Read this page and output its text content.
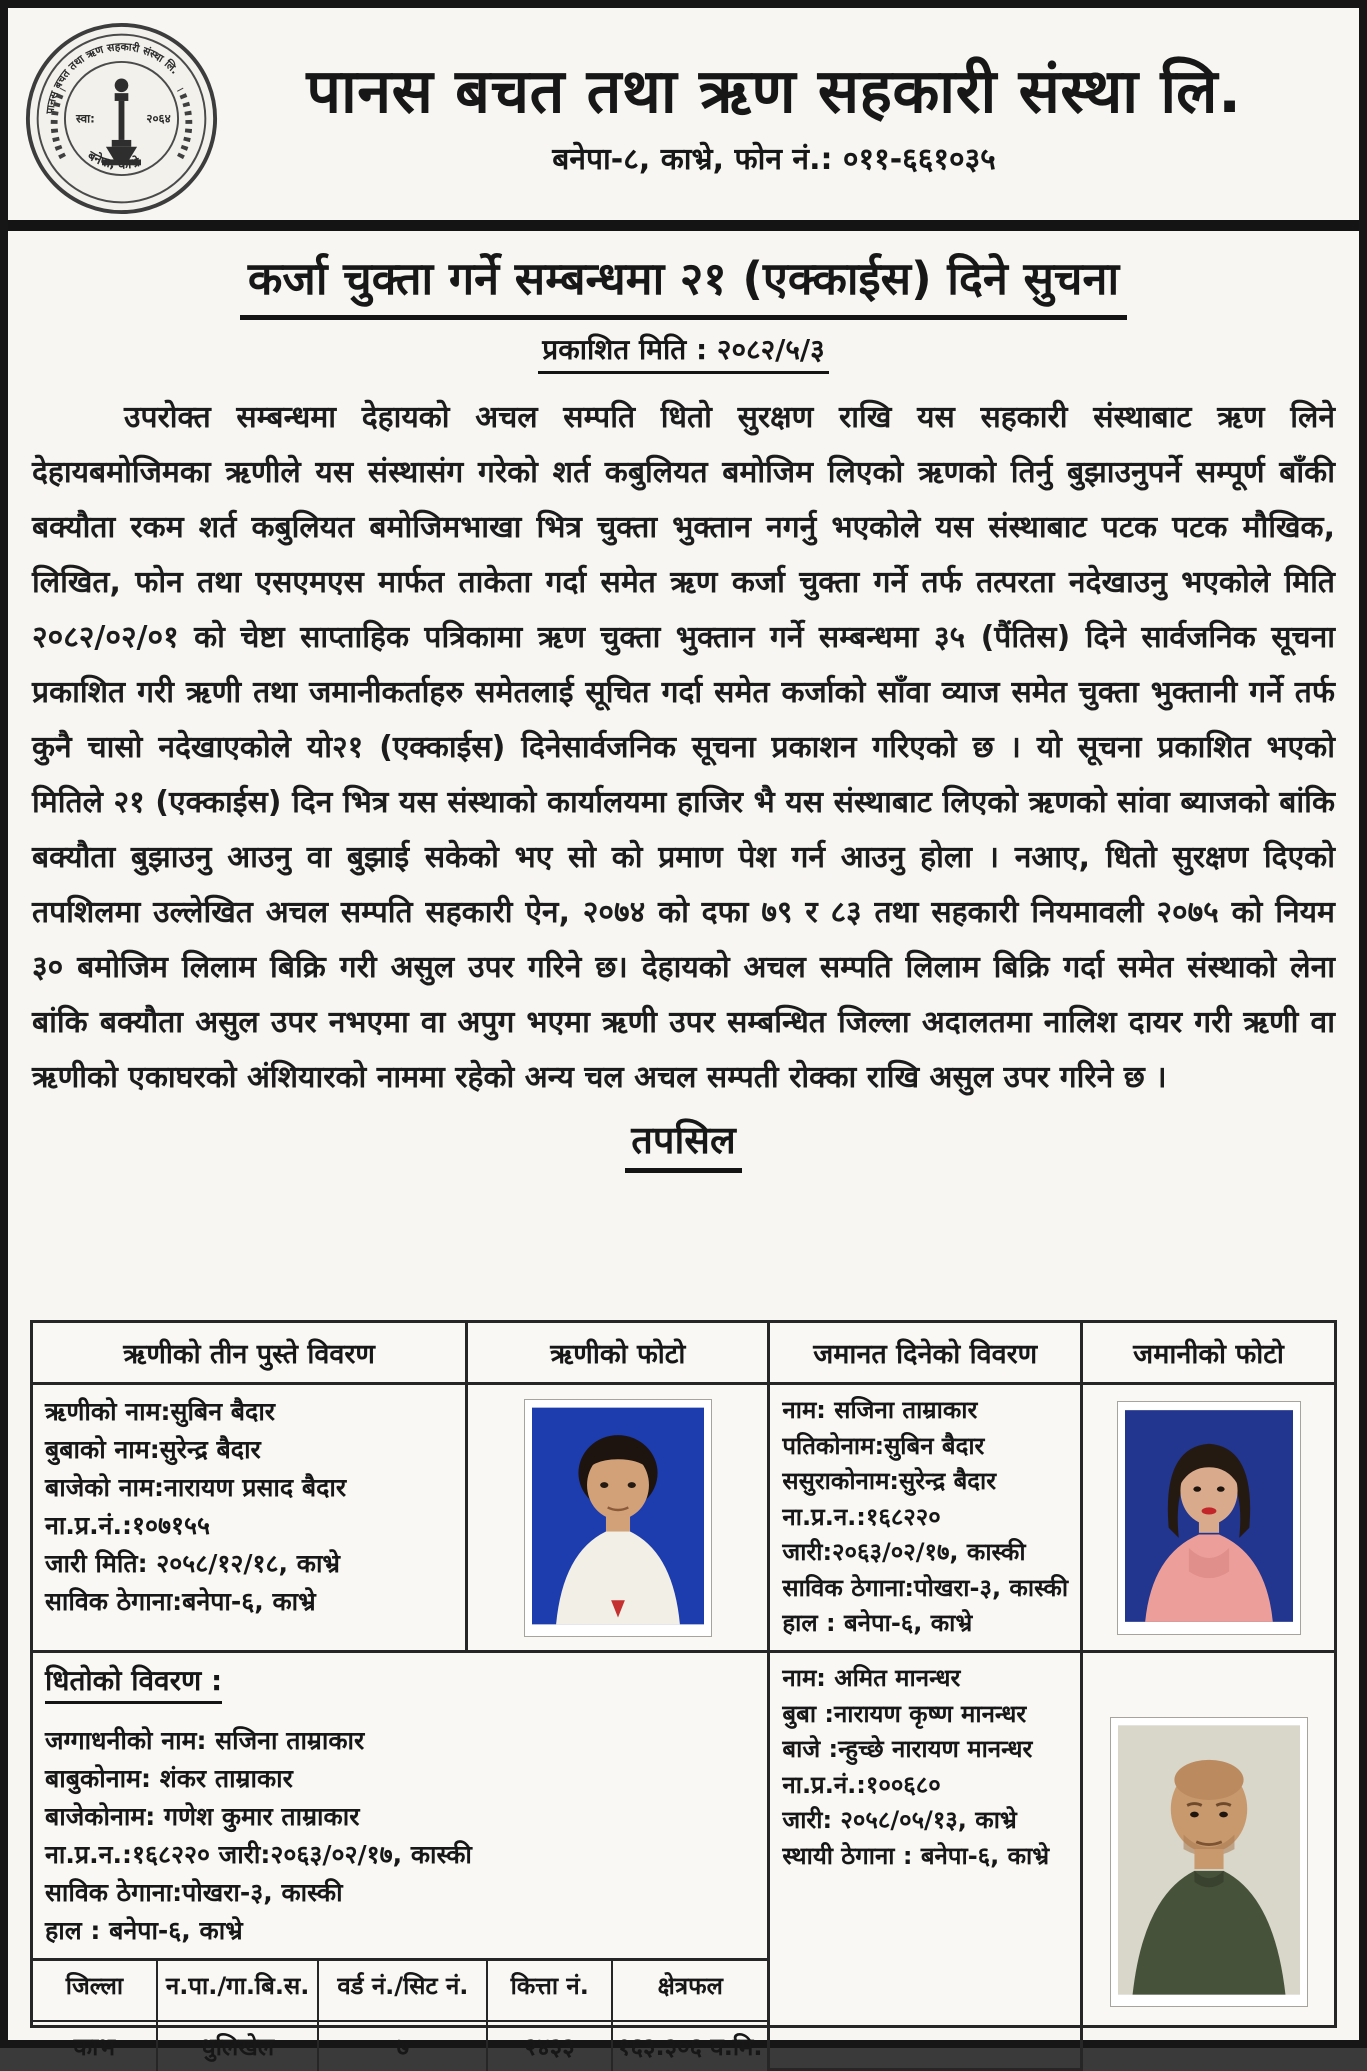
पानस बचत तथा ऋण सहकारी संस्था लि.
स्वा:	२०६४
बनेपा, काभ्रे
पानस बचत तथा ऋण सहकारी संस्था लि.
बनेपा-८, काभ्रे, फोन नं.: ०११-६६१०३५
कर्जा चुक्ता गर्ने सम्बन्धमा २१ (एक्काईस) दिने सुचना
प्रकाशित मिति : २०८२/५/३

उपरोक्त सम्बन्धमा देहायको अचल सम्पति धितो सुरक्षण राखि यस सहकारी संस्थाबाट ऋण लिने देहायबमोजिमका ऋणीले यस संस्थासंग गरेको शर्त कबुलियत बमोजिम लिएको ऋणको तिर्नु बुझाउनुपर्ने सम्पूर्ण बाँकी बक्यौता रकम शर्त कबुलियत बमोजिमभाखा भित्र चुक्ता भुक्तान नगर्नु भएकोले यस संस्थाबाट पटक पटक मौखिक, लिखित, फोन तथा एसएमएस मार्फत ताकेता गर्दा समेत ऋण कर्जा चुक्ता गर्ने तर्फ तत्परता नदेखाउनु भएकोले मिति २०८२/०२/०१ को चेष्टा साप्ताहिक पत्रिकामा ऋण चुक्ता भुक्तान गर्ने सम्बन्धमा ३५ (पैंतिस) दिने सार्वजनिक सूचना प्रकाशित गरी ऋणी तथा जमानीकर्ताहरु समेतलाई सूचित गर्दा समेत कर्जाको साँवा व्याज समेत चुक्ता भुक्तानी गर्ने तर्फ कुनै चासो नदेखाएकोले यो२१ (एक्काईस) दिनेसार्वजनिक सूचना प्रकाशन गरिएको छ । यो सूचना प्रकाशित भएको मितिले २१ (एक्काईस) दिन भित्र यस संस्थाको कार्यालयमा हाजिर भै यस संस्थाबाट लिएको ऋणको सांवा ब्याजको बांकि बक्यौता बुझाउनु आउनु वा बुझाई सकेको भए सो को प्रमाण पेश गर्न आउनु होला । नआए, धितो सुरक्षण दिएको तपशिलमा उल्लेखित अचल सम्पति सहकारी ऐन, २०७४ को दफा ७९ र ८३ तथा सहकारी नियमावली २०७५ को नियम ३० बमोजिम लिलाम बिक्रि गरी असुल उपर गरिने छ। देहायको अचल सम्पति लिलाम बिक्रि गर्दा समेत संस्थाको लेना बांकि बक्यौता असुल उपर नभएमा वा अपुग भएमा ऋणी उपर सम्बन्धित जिल्ला अदालतमा नालिश दायर गरी ऋणी वा ऋणीको एकाघरको अंशियारको नाममा रहेको अन्य चल अचल सम्पती रोक्का राखि असुल उपर गरिने छ ।

तपसिल
ऋणीको तीन पुस्ते विवरण	ऋणीको फोटो	जमानत दिनेको विवरण	जमानीको फोटो
ऋणीको नाम:सुबिन बैदार
बुबाको नाम:सुरेन्द्र बैदार
बाजेको नाम:नारायण प्रसाद बैदार
ना.प्र.नं.:१०७१५५
जारी मिति: २०५८/१२/१८, काभ्रे
साविक ठेगाना:बनेपा-६, काभ्रे
नाम: सजिना ताम्राकार
पतिकोनाम:सुबिन बैदार
ससुराकोनाम:सुरेन्द्र बैदार
ना.प्र.न.:१६८२२०
जारी:२०६३/०२/१७, कास्की
साविक ठेगाना:पोखरा-३, कास्की
हाल : बनेपा-६, काभ्रे
धितोको विवरण :
जग्गाधनीको नाम: सजिना ताम्राकार
बाबुकोनाम: शंकर ताम्राकार
बाजेकोनाम: गणेश कुमार ताम्राकार
ना.प्र.न.:१६८२२० जारी:२०६३/०२/१७, कास्की
साविक ठेगाना:पोखरा-३, कास्की
हाल : बनेपा-६, काभ्रे
नाम: अमित मानन्धर
बुबा :नारायण कृष्ण मानन्धर
बाजे :न्हुच्छे नारायण मानन्धर
ना.प्र.नं.:१००६८०
जारी: २०५८/०५/१३, काभ्रे
स्थायी ठेगाना : बनेपा-६, काभ्रे
जिल्ला	न.पा./गा.बि.स.	वर्ड नं./सिट नं.	कित्ता नं.	क्षेत्रफल
काभ	धुलिखेल	७	२४३३	१६३.३०६ व.मि.
